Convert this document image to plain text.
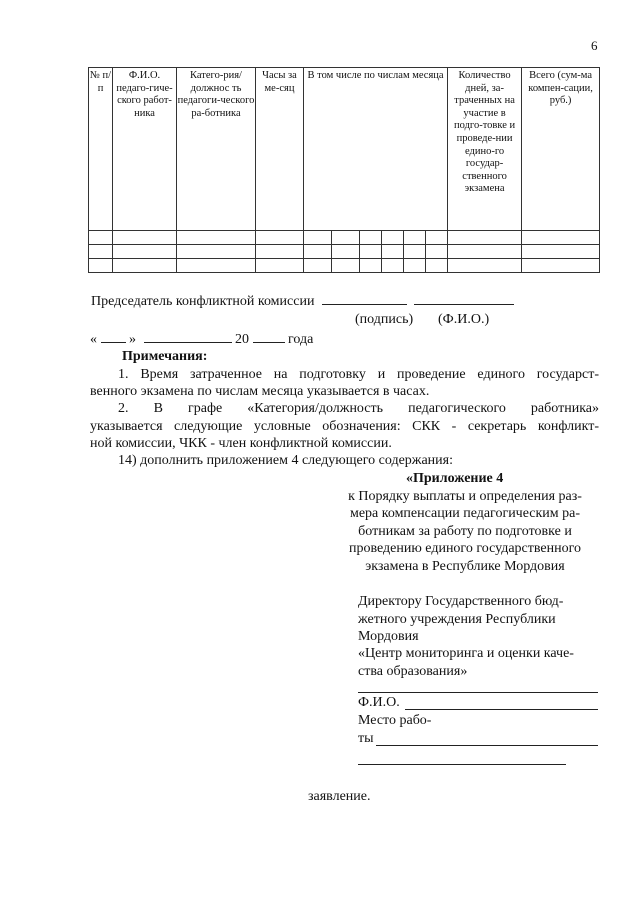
6
№ п/п	Ф.И.О. педаго-гиче-ского работ-ника	Катего-рия/должнос ть педагоги-ческого ра-ботника	Часы за ме-сяц	В том числе по числам месяца						Количество дней, за-траченных на участие в подго-товке и проведе-нии едино-го государ-ственного экзамена	Всего (сум-ма компен-сации, руб.)

Председатель конфликтной комиссии
(подпись) (Ф.И.О.)
« »	20	года
Примечания:
1. Время затраченное на подготовку и проведение единого государст-
венного экзамена по числам месяца указывается в часах.
2. В графе «Категория/должность педагогического работника»
указывается следующие условные обозначения: СКК - секретарь конфликт-
ной комиссии, ЧКК - член конфликтной комиссии.
14) дополнить приложением 4 следующего содержания:
«Приложение 4
к Порядку выплаты и определения раз-
мера компенсации педагогическим ра-
ботникам за работу по подготовке и
проведению единого государственного
экзамена в Республике Мордовия
Директору Государственного бюд-
жетного учреждения Республики
Мордовия
«Центр мониторинга и оценки каче-
ства образования»
Ф.И.О.
Место рабо-
ты
заявление.
